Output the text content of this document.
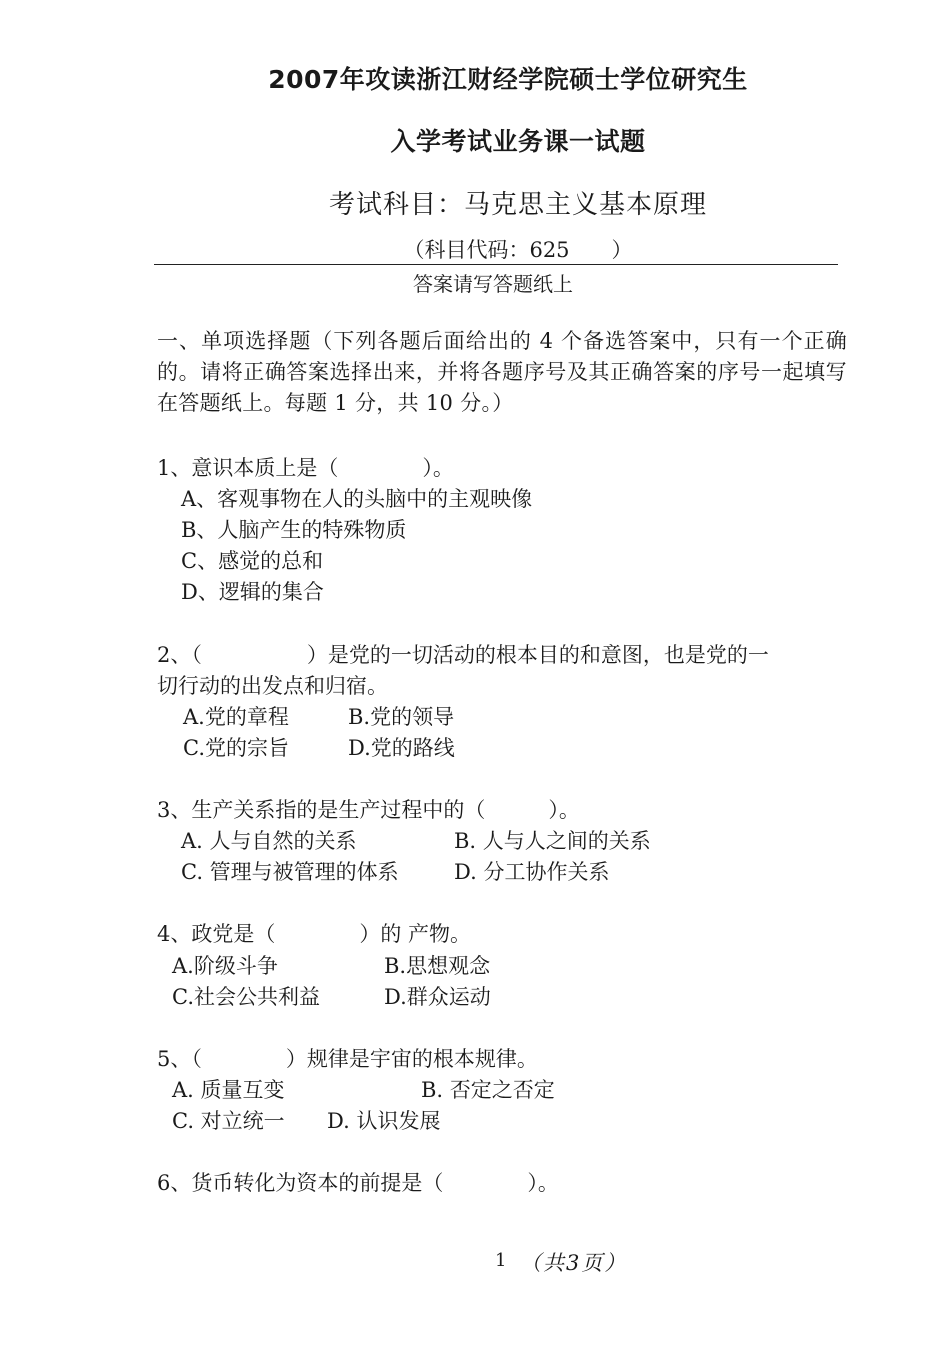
2007年攻读浙江财经学院硕士学位研究生
入学考试业务课一试题
考试科目：马克思主义基本原理
（科目代码：625　　）
答案请写答题纸上
一、单项选择题（下列各题后面给出的 4 个备选答案中，只有一个正确的。请将正确答案选择出来，并将各题序号及其正确答案的序号一起填写在答题纸上。每题 1 分，共 10 分。）
1、意识本质上是（　　　　）。
A、客观事物在人的头脑中的主观映像
B、人脑产生的特殊物质
C、感觉的总和
D、逻辑的集合
2、（　　　　　）是党的一切活动的根本目的和意图，也是党的一
切行动的出发点和归宿。
A.党的章程	B.党的领导
C.党的宗旨	D.党的路线
3、生产关系指的是生产过程中的（　　　）。
A. 人与自然的关系	B. 人与人之间的关系
C. 管理与被管理的体系	D. 分工协作关系
4、政党是（　　　　）的 产物。
A.阶级斗争	B.思想观念
C.社会公共利益	D.群众运动
5、（　　　　）规律是宇宙的根本规律。
A. 质量互变	B. 否定之否定
C. 对立统一 D. 认识发展
6、货币转化为资本的前提是（　　　　）。
1 （共3页）
